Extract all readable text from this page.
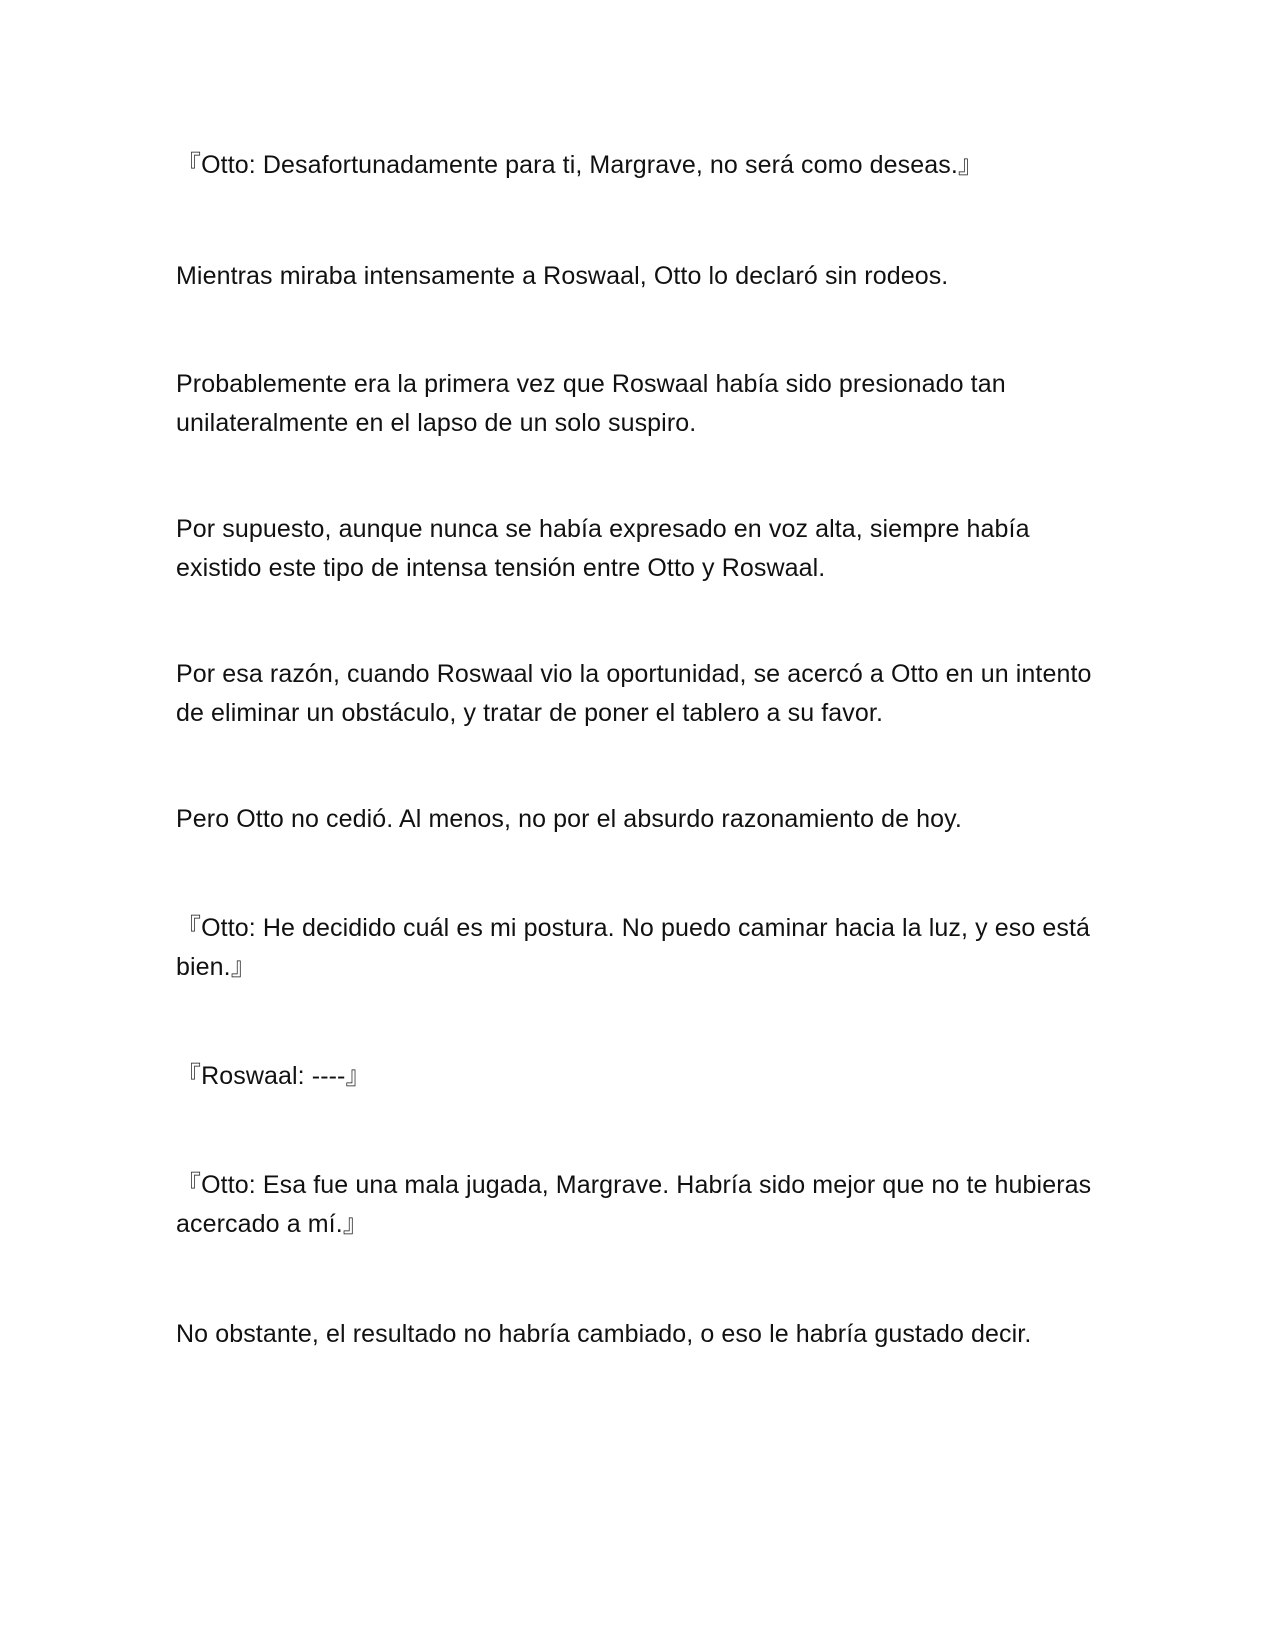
『Otto: Desafortunadamente para ti, Margrave, no será como deseas.』

Mientras miraba intensamente a Roswaal, Otto lo declaró sin rodeos.

Probablemente era la primera vez que Roswaal había sido presionado tan unilateralmente en el lapso de un solo suspiro.

Por supuesto, aunque nunca se había expresado en voz alta, siempre había existido este tipo de intensa tensión entre Otto y Roswaal.

Por esa razón, cuando Roswaal vio la oportunidad, se acercó a Otto en un intento de eliminar un obstáculo, y tratar de poner el tablero a su favor.

Pero Otto no cedió. Al menos, no por el absurdo razonamiento de hoy.

『Otto: He decidido cuál es mi postura. No puedo caminar hacia la luz, y eso está bien.』

『Roswaal: ----』

『Otto: Esa fue una mala jugada, Margrave. Habría sido mejor que no te hubieras acercado a mí.』

No obstante, el resultado no habría cambiado, o eso le habría gustado decir.
